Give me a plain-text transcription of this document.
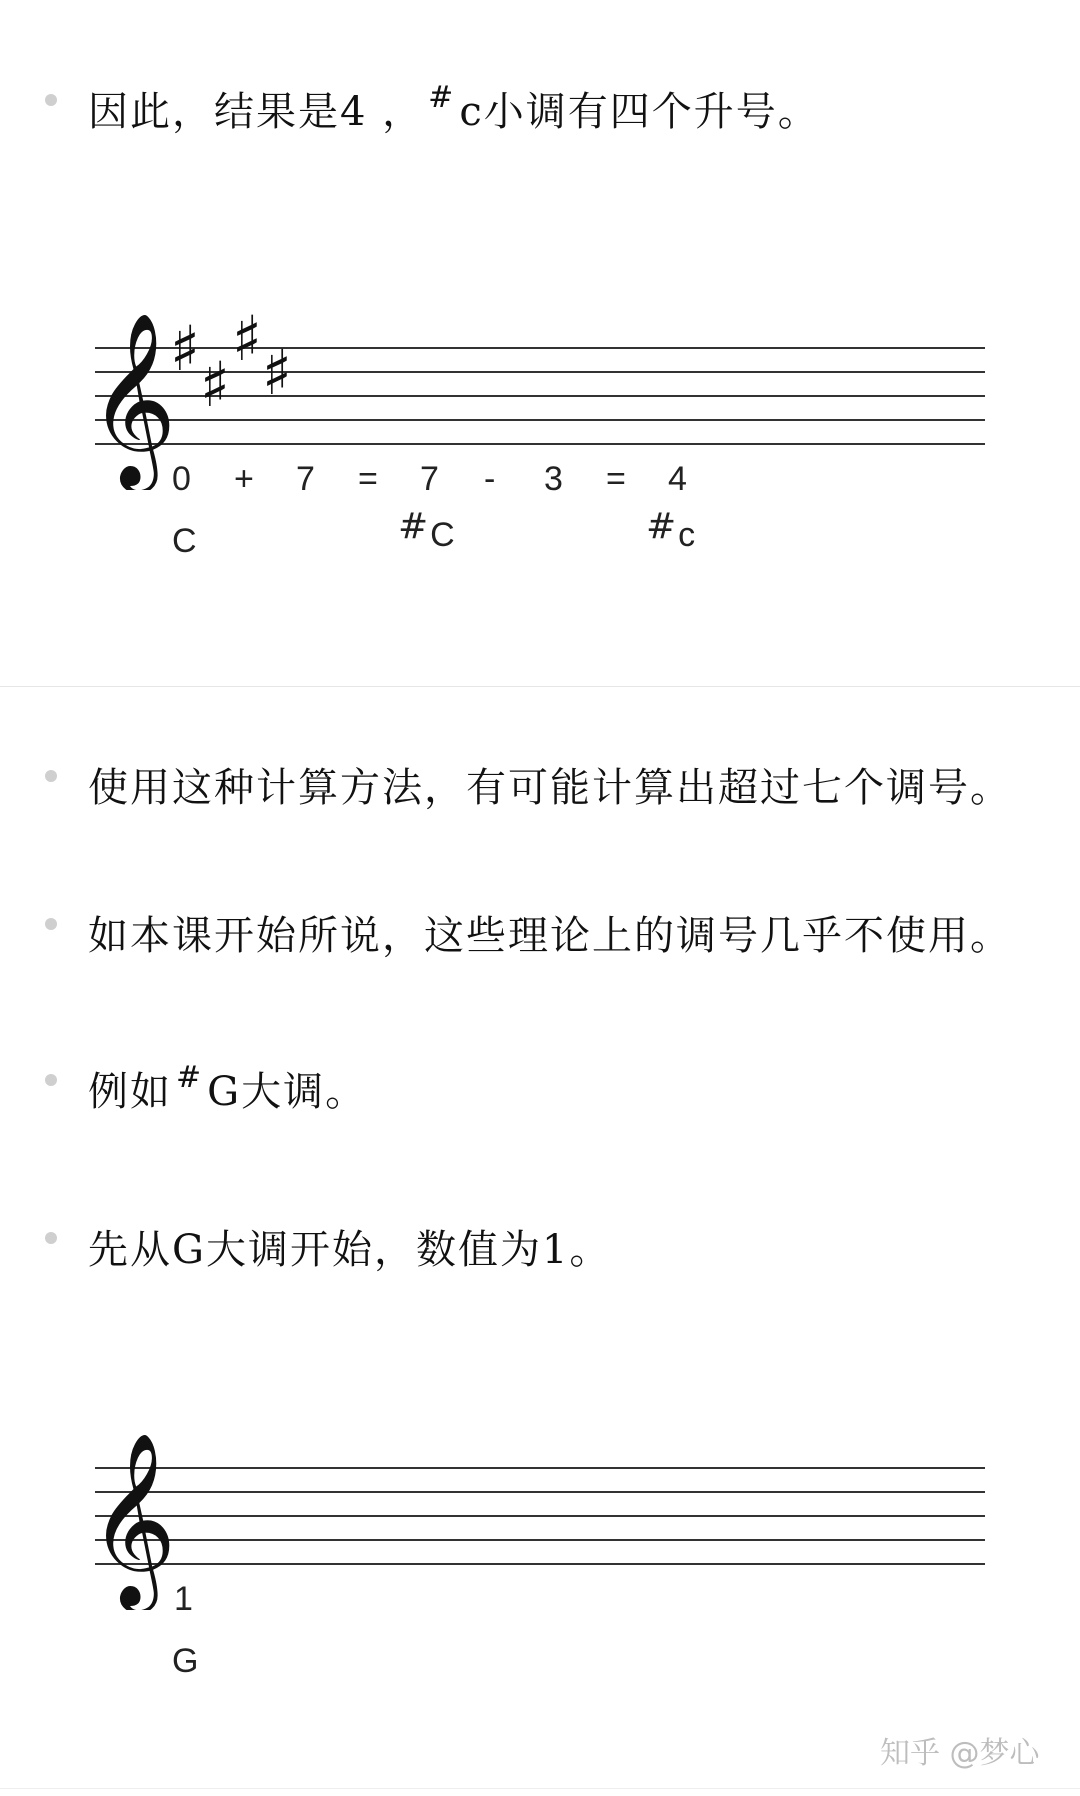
因此，结果是4 ， # c小调有四个升号。
𝄞
♯ ♯
♯ ♯
0 + 7 = 7 - 3 = 4
C	#C	#c
使用这种计算方法，有可能计算出超过七个调号。
如本课开始所说，这些理论上的调号几乎不使用。
例如 # G大调。
先从G大调开始，数值为1。
𝄞
1
G
知乎 @梦心
